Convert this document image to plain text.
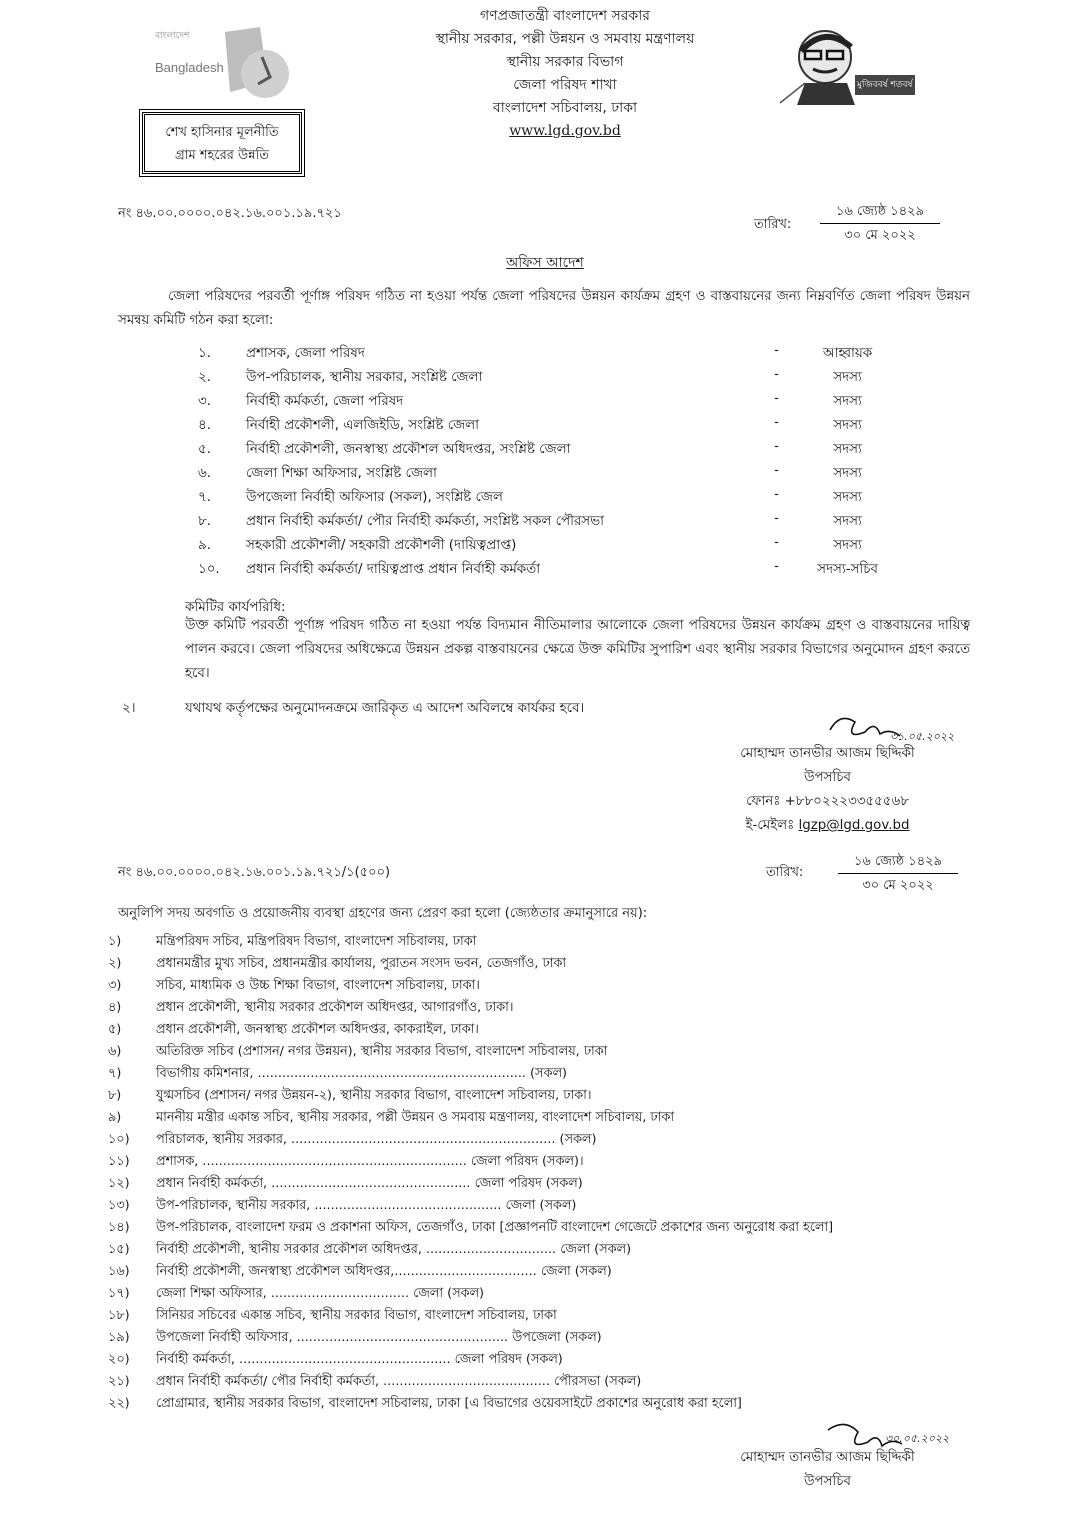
বাংলাদেশ
Bangladesh
মুজিববর্ষ শতবর্ষ
শেখ হাসিনার মূলনীতি
গ্রাম শহরের উন্নতি
গণপ্রজাতন্ত্রী বাংলাদেশ সরকার
স্থানীয় সরকার, পল্লী উন্নয়ন ও সমবায় মন্ত্রণালয়
স্থানীয় সরকার বিভাগ
জেলা পরিষদ শাখা
বাংলাদেশ সচিবালয়, ঢাকা
www.lgd.gov.bd
নং ৪৬.০০.০০০০.০৪২.১৬.০০১.১৯.৭২১
তারিখ:
১৬ জ্যেষ্ঠ ১৪২৯
৩০ মে ২০২২
অফিস আদেশ
জেলা পরিষদের পরবর্তী পূর্ণাঙ্গ পরিষদ গঠিত না হওয়া পর্যন্ত জেলা পরিষদের উন্নয়ন কার্যক্রম গ্রহণ ও বাস্তবায়নের জন্য নিম্নবর্ণিত জেলা পরিষদ উন্নয়ন সমন্বয় কমিটি গঠন করা হলো:
১.	প্রশাসক, জেলা পরিষদ	-	আহ্বায়ক
২.	উপ-পরিচালক, স্থানীয় সরকার, সংশ্লিষ্ট জেলা	-	সদস্য
৩.	নির্বাহী কর্মকর্তা, জেলা পরিষদ	-	সদস্য
৪.	নির্বাহী প্রকৌশলী, এলজিইডি, সংশ্লিষ্ট জেলা	-	সদস্য
৫.	নির্বাহী প্রকৌশলী, জনস্বাস্থ্য প্রকৌশল অধিদপ্তর, সংশ্লিষ্ট জেলা	-	সদস্য
৬.	জেলা শিক্ষা অফিসার, সংশ্লিষ্ট জেলা	-	সদস্য
৭.	উপজেলা নির্বাহী অফিসার (সকল), সংশ্লিষ্ট জেল	-	সদস্য
৮.	প্রধান নির্বাহী কর্মকর্তা/ পৌর নির্বাহী কর্মকর্তা, সংশ্লিষ্ট সকল পৌরসভা	-	সদস্য
৯.	সহকারী প্রকৌশলী/ সহকারী প্রকৌশলী (দায়িত্বপ্রাপ্ত)	-	সদস্য
১০. প্রধান নির্বাহী কর্মকর্তা/ দায়িত্বপ্রাপ্ত প্রধান নির্বাহী কর্মকর্তা	-	সদস্য-সচিব
কমিটির কার্যপরিধি:
উক্ত কমিটি পরবর্তী পূর্ণাঙ্গ পরিষদ গঠিত না হওয়া পর্যন্ত বিদ্যমান নীতিমালার আলোকে জেলা পরিষদের উন্নয়ন কার্যক্রম গ্রহণ ও বাস্তবায়নের দায়িত্ব পালন করবে। জেলা পরিষদের অধিক্ষেত্রে উন্নয়ন প্রকল্প বাস্তবায়নের ক্ষেত্রে উক্ত কমিটির সুপারিশ এবং স্থানীয় সরকার বিভাগের অনুমোদন গ্রহণ করতে হবে।
২।	যথাযথ কর্তৃপক্ষের অনুমোদনক্রমে জারিকৃত এ আদেশ অবিলম্বে কার্যকর হবে।
৩১.০৫.২০২২
মোহাম্মদ তানভীর আজম ছিদ্দিকী
উপসচিব
ফোনঃ +৮৮০২২২৩৩৫৫৫৬৮
ই-মেইলঃ lgzp@lgd.gov.bd
নং ৪৬.০০.০০০০.০৪২.১৬.০০১.১৯.৭২১/১(৫০০)	তারিখ:
১৬ জ্যেষ্ঠ ১৪২৯
৩০ মে ২০২২
অনুলিপি সদয় অবগতি ও প্রয়োজনীয় ব্যবস্থা গ্রহণের জন্য প্রেরণ করা হলো (জ্যেষ্ঠতার ক্রমানুসারে নয়):
১)	মন্ত্রিপরিষদ সচিব, মন্ত্রিপরিষদ বিভাগ, বাংলাদেশ সচিবালয়, ঢাকা
২)	প্রধানমন্ত্রীর মুখ্য সচিব, প্রধানমন্ত্রীর কার্যালয়, পুরাতন সংসদ ভবন, তেজগাঁও, ঢাকা
৩)	সচিব, মাধ্যমিক ও উচ্চ শিক্ষা বিভাগ, বাংলাদেশ সচিবালয়, ঢাকা।
৪)	প্রধান প্রকৌশলী, স্থানীয় সরকার প্রকৌশল অধিদপ্তর, আগারগাঁও, ঢাকা।
৫)	প্রধান প্রকৌশলী, জনস্বাস্থ্য প্রকৌশল অধিদপ্তর, কাকরাইল, ঢাকা।
৬)	অতিরিক্ত সচিব (প্রশাসন/ নগর উন্নয়ন), স্থানীয় সরকার বিভাগ, বাংলাদেশ সচিবালয়, ঢাকা
৭)	বিভাগীয় কমিশনার, .................................................................. (সকল)
৮)	যুগ্মসচিব (প্রশাসন/ নগর উন্নয়ন-২), স্থানীয় সরকার বিভাগ, বাংলাদেশ সচিবালয়, ঢাকা।
৯)	মাননীয় মন্ত্রীর একান্ত সচিব, স্থানীয় সরকার, পল্লী উন্নয়ন ও সমবায় মন্ত্রণালয়, বাংলাদেশ সচিবালয়, ঢাকা
১০) পরিচালক, স্থানীয় সরকার, ................................................................. (সকল)
১১) প্রশাসক, ................................................................. জেলা পরিষদ (সকল)।
১২) প্রধান নির্বাহী কর্মকর্তা, ................................................. জেলা পরিষদ (সকল)
১৩) উপ-পরিচালক, স্থানীয় সরকার, .............................................. জেলা (সকল)
১৪) উপ-পরিচালক, বাংলাদেশ ফরম ও প্রকাশনা অফিস, তেজগাঁও, ঢাকা [প্রজ্ঞাপনটি বাংলাদেশ গেজেটে প্রকাশের জন্য অনুরোধ করা হলো]
১৫) নির্বাহী প্রকৌশলী, স্থানীয় সরকার প্রকৌশল অধিদপ্তর, ................................ জেলা (সকল)
১৬) নির্বাহী প্রকৌশলী, জনস্বাস্থ্য প্রকৌশল অধিদপ্তর,................................... জেলা (সকল)
১৭) জেলা শিক্ষা অফিসার, .................................. জেলা (সকল)
১৮) সিনিয়র সচিবের একান্ত সচিব, স্থানীয় সরকার বিভাগ, বাংলাদেশ সচিবালয়, ঢাকা
১৯) উপজেলা নির্বাহী অফিসার, .................................................... উপজেলা (সকল)
২০) নির্বাহী কর্মকর্তা, .................................................... জেলা পরিষদ (সকল)
২১) প্রধান নির্বাহী কর্মকর্তা/ পৌর নির্বাহী কর্মকর্তা, ......................................... পৌরসভা (সকল)
২২) প্রোগ্রামার, স্থানীয় সরকার বিভাগ, বাংলাদেশ সচিবালয়, ঢাকা [এ বিভাগের ওয়েবসাইটে প্রকাশের অনুরোধ করা হলো]
৩০.০৫.২০২২
মোহাম্মদ তানভীর আজম ছিদ্দিকী
উপসচিব
